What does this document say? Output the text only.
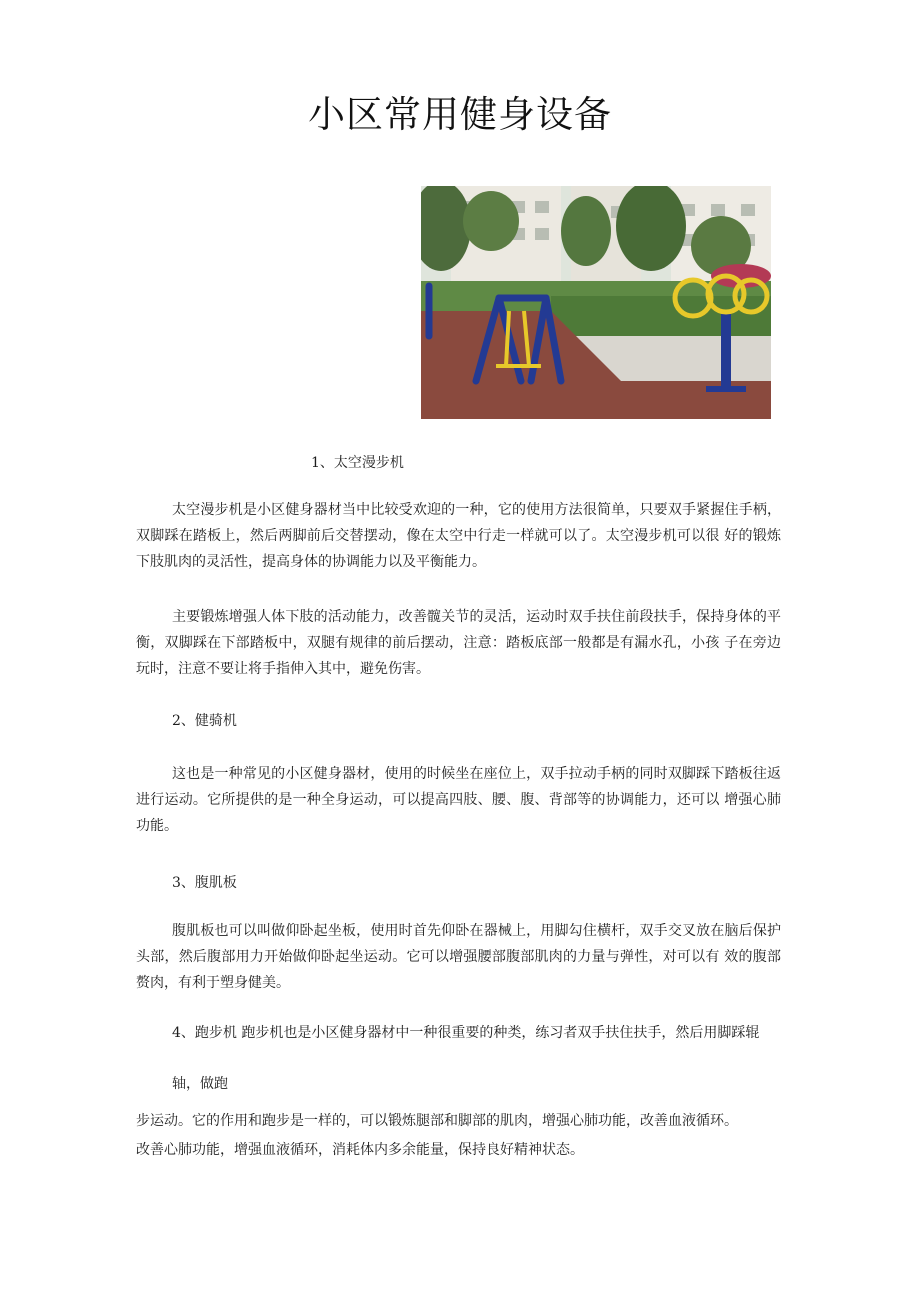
小区常用健身设备
1、太空漫步机
太空漫步机是小区健身器材当中比较受欢迎的一种，它的使用方法很简单，只要双手紧握住手柄，双脚踩在踏板上，然后两脚前后交替摆动，像在太空中行走一样就可以了。太空漫步机可以很 好的锻炼下肢肌肉的灵活性，提高身体的协调能力以及平衡能力。
主要锻炼增强人体下肢的活动能力，改善髋关节的灵活，运动时双手扶住前段扶手，保持身体的平衡，双脚踩在下部踏板中，双腿有规律的前后摆动，注意：踏板底部一般都是有漏水孔，小孩 子在旁边玩时，注意不要让将手指伸入其中，避免伤害。
2、健骑机
这也是一种常见的小区健身器材，使用的时候坐在座位上，双手拉动手柄的同时双脚踩下踏板往返进行运动。它所提供的是一种全身运动，可以提高四肢、腰、腹、背部等的协调能力，还可以 增强心肺功能。
3、腹肌板
腹肌板也可以叫做仰卧起坐板，使用时首先仰卧在器械上，用脚勾住横杆，双手交叉放在脑后保护头部，然后腹部用力开始做仰卧起坐运动。它可以增强腰部腹部肌肉的力量与弹性，对可以有 效的腹部赘肉，有利于塑身健美。
4、跑步机 跑步机也是小区健身器材中一种很重要的种类，练习者双手扶住扶手，然后用脚踩辊
轴，做跑
步运动。它的作用和跑步是一样的，可以锻炼腿部和脚部的肌肉，增强心肺功能，改善血液循环。
改善心肺功能，增强血液循环，消耗体内多余能量，保持良好精神状态。
